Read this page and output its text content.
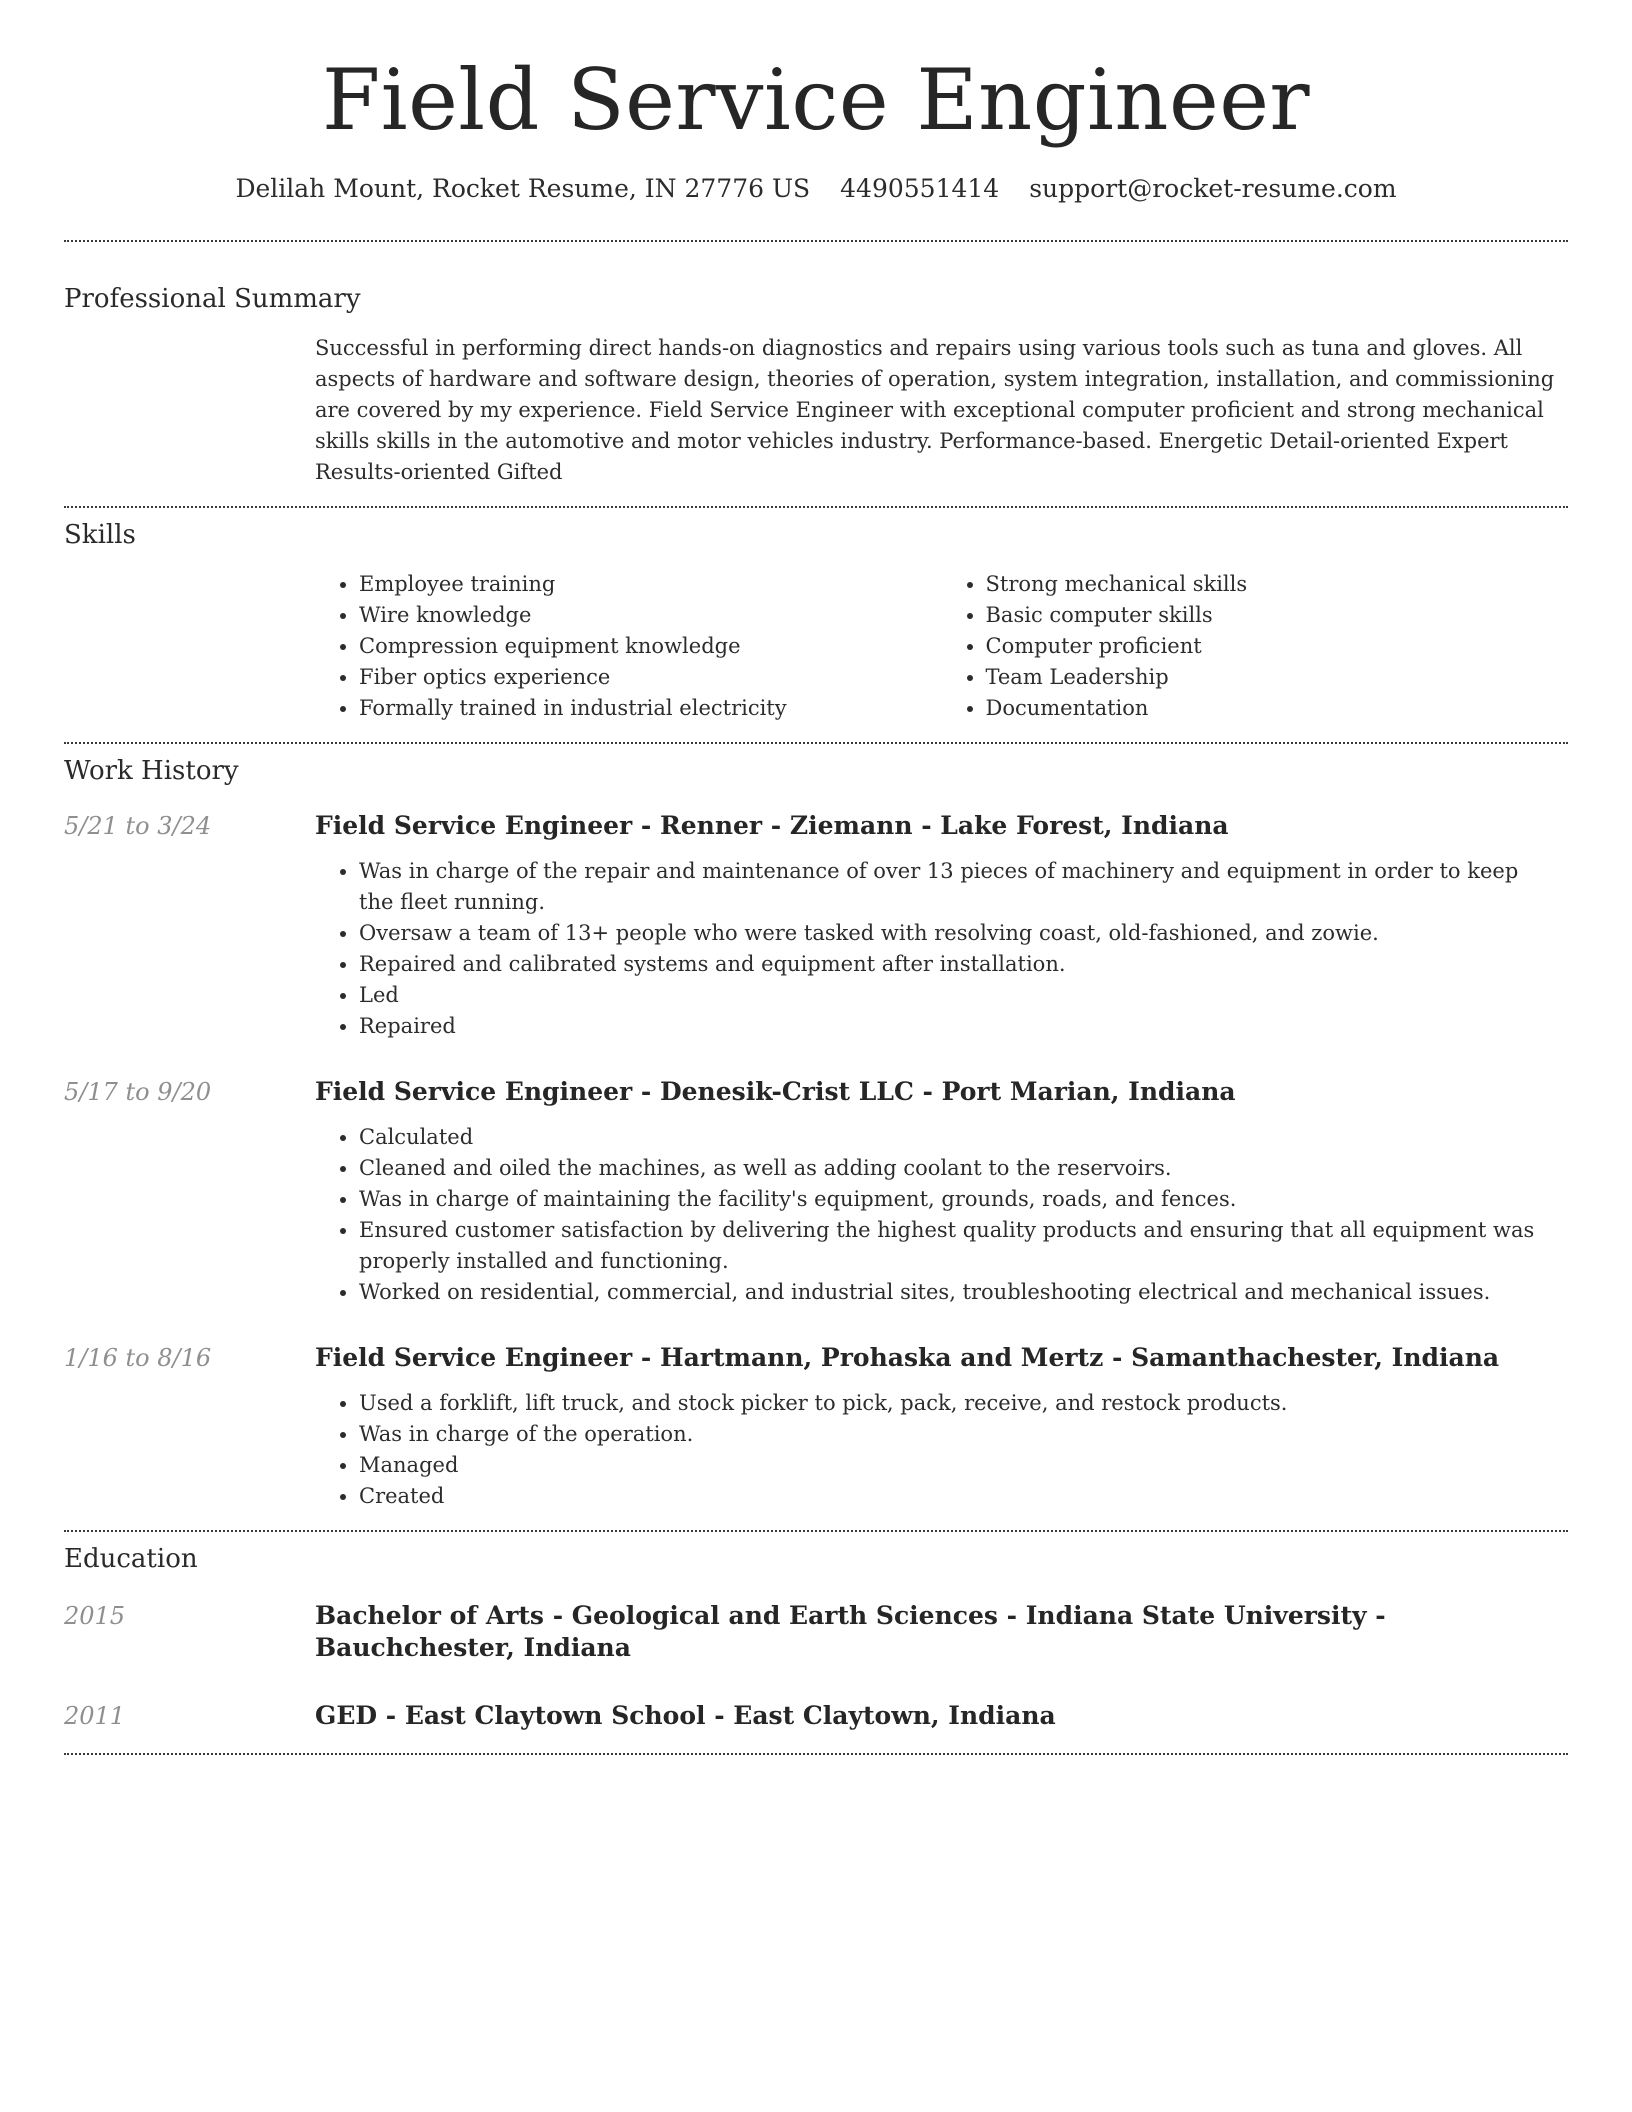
Field Service Engineer
Delilah Mount, Rocket Resume, IN 27776 US 4490551414 support@rocket-resume.com
Professional Summary

Successful in performing direct hands-on diagnostics and repairs using various tools such as tuna and gloves. All aspects of hardware and software design, theories of operation, system integration, installation, and commissioning are covered by my experience. Field Service Engineer with exceptional computer proficient and strong mechanical skills skills in the automotive and motor vehicles industry. Performance-based. Energetic Detail-oriented Expert Results-oriented Gifted

Skills
• Employee training
• Wire knowledge
• Compression equipment knowledge
• Fiber optics experience
• Formally trained in industrial electricity
• Strong mechanical skills
• Basic computer skills
• Computer proficient
• Team Leadership
• Documentation
Work History
5/21 to 3/24	Field Service Engineer - Renner - Ziemann - Lake Forest, Indiana
• Was in charge of the repair and maintenance of over 13 pieces of machinery and equipment in order to keep the fleet running.
• Oversaw a team of 13+ people who were tasked with resolving coast, old-fashioned, and zowie.
• Repaired and calibrated systems and equipment after installation.
• Led
• Repaired
5/17 to 9/20	Field Service Engineer - Denesik-Crist LLC - Port Marian, Indiana
• Calculated
• Cleaned and oiled the machines, as well as adding coolant to the reservoirs.
• Was in charge of maintaining the facility's equipment, grounds, roads, and fences.
• Ensured customer satisfaction by delivering the highest quality products and ensuring that all equipment was properly installed and functioning.
• Worked on residential, commercial, and industrial sites, troubleshooting electrical and mechanical issues.
1/16 to 8/16	Field Service Engineer - Hartmann, Prohaska and Mertz - Samanthachester, Indiana
• Used a forklift, lift truck, and stock picker to pick, pack, receive, and restock products.
• Was in charge of the operation.
• Managed
• Created
Education
2015	Bachelor of Arts - Geological and Earth Sciences - Indiana State University - Bauchchester, Indiana
2011	GED - East Claytown School - East Claytown, Indiana
